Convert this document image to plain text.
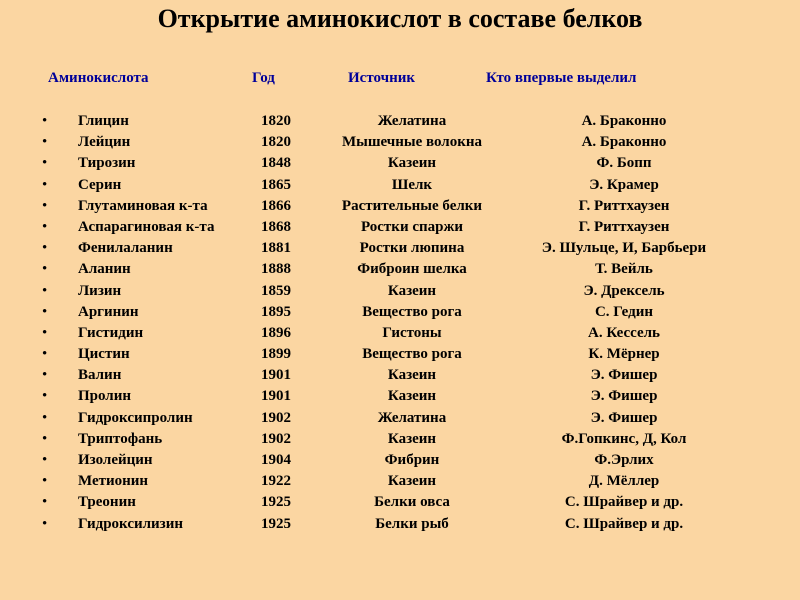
Открытие аминокислот в составе белков
Аминокислота	Год	Источник	Кто впервые выделил
• Глицин	1820	Желатина	А. Браконно
• Лейцин	1820	Мышечные волокна	А. Браконно
• Тирозин	1848	Казеин	Ф. Бопп
• Серин	1865	Шелк	Э. Крамер
• Глутаминовая к-та	1866	Растительные белки	Г. Риттхаузен
• Аспарагиновая к-та	1868	Ростки спаржи	Г. Риттхаузен
• Фенилаланин	1881	Ростки люпина	Э. Шульце, И, Барбьери
• Аланин	1888	Фиброин шелка	Т. Вейль
• Лизин	1859	Казеин	Э. Дрексель
• Аргинин	1895	Вещество рога	С. Гедин
• Гистидин	1896	Гистоны	А. Кессель
• Цистин	1899	Вещество рога	К. Мёрнер
• Валин	1901	Казеин	Э. Фишер
• Пролин	1901	Казеин	Э. Фишер
• Гидроксипролин	1902	Желатина	Э. Фишер
• Триптофань	1902	Казеин	Ф.Гопкинс, Д, Кол
• Изолейцин	1904	Фибрин	Ф.Эрлих
• Метионин	1922	Казеин	Д. Мёллер
• Треонин	1925	Белки овса	С. Шрайвер и др.
• Гидроксилизин	1925	Белки рыб	С. Шрайвер и др.
